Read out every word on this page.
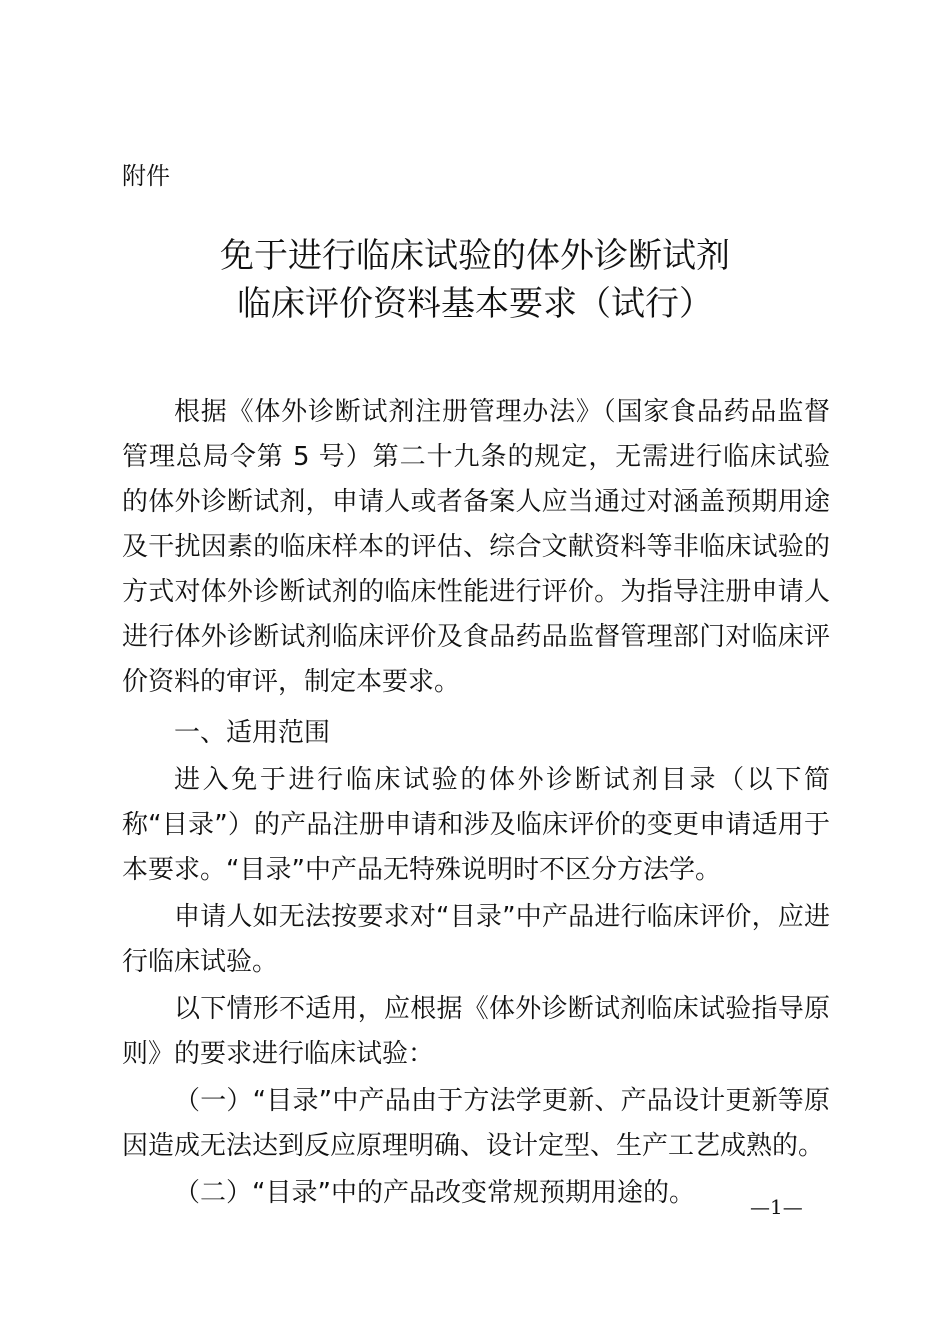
附件
免于进行临床试验的体外诊断试剂
临床评价资料基本要求（试行）

根据《体外诊断试剂注册管理办法》（国家食品药品监督管理总局令第 5 号）第二十九条的规定，无需进行临床试验的体外诊断试剂，申请人或者备案人应当通过对涵盖预期用途及干扰因素的临床样本的评估、综合文献资料等非临床试验的方式对体外诊断试剂的临床性能进行评价。为指导注册申请人进行体外诊断试剂临床评价及食品药品监督管理部门对临床评价资料的审评，制定本要求。

一、适用范围

进入免于进行临床试验的体外诊断试剂目录（以下简称“目录”）的产品注册申请和涉及临床评价的变更申请适用于本要求。“目录”中产品无特殊说明时不区分方法学。

申请人如无法按要求对“目录”中产品进行临床评价，应进行临床试验。

以下情形不适用，应根据《体外诊断试剂临床试验指导原则》的要求进行临床试验：

（一）“目录”中产品由于方法学更新、产品设计更新等原因造成无法达到反应原理明确、设计定型、生产工艺成熟的。

（二）“目录”中的产品改变常规预期用途的。	—1—
